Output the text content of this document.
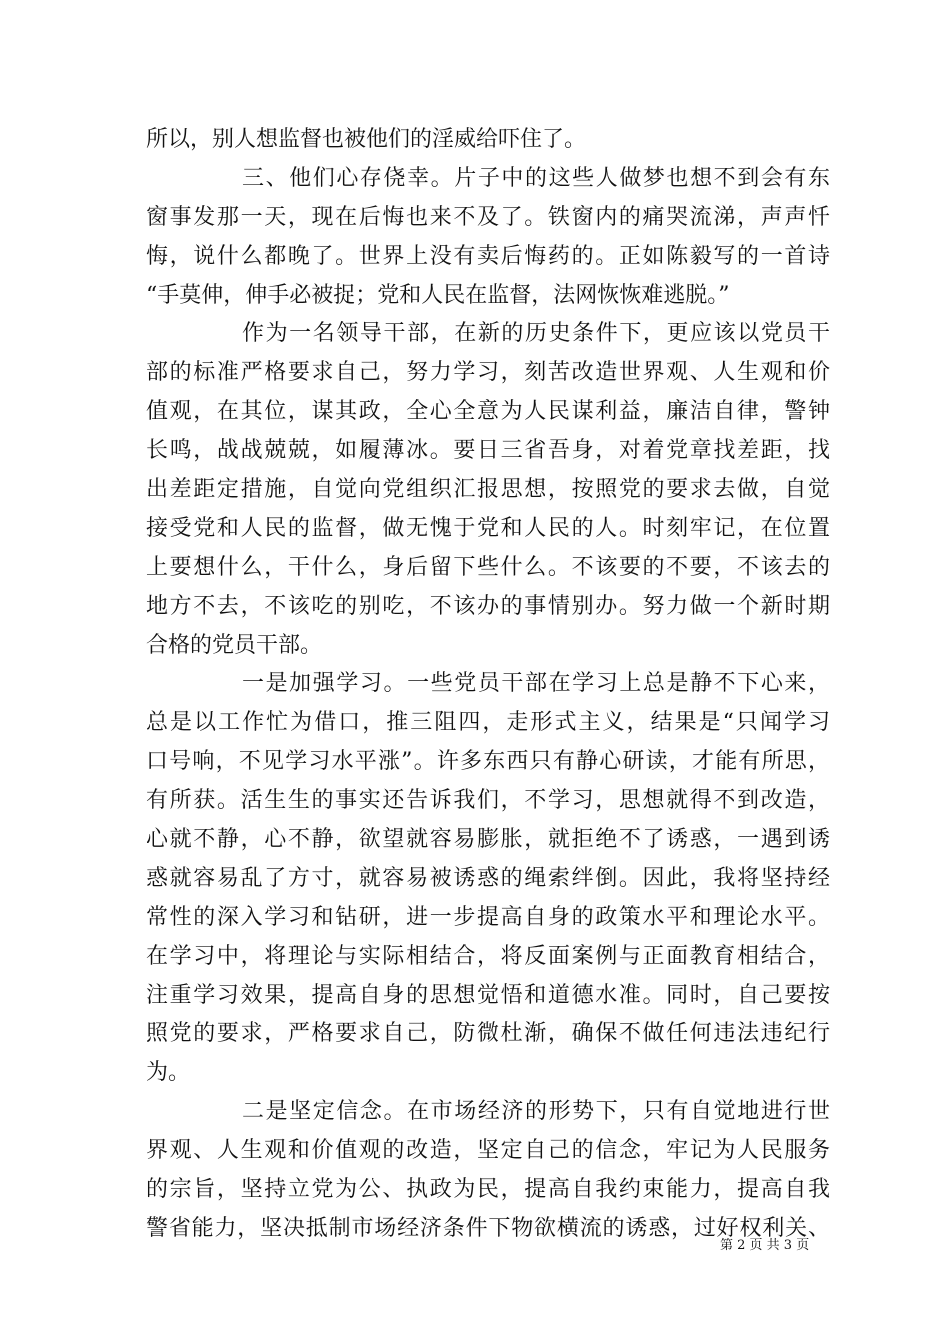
所以，别人想监督也被他们的淫威给吓住了。
三、他们心存侥幸。片子中的这些人做梦也想不到会有东
窗事发那一天，现在后悔也来不及了。铁窗内的痛哭流涕，声声忏
悔，说什么都晚了。世界上没有卖后悔药的。正如陈毅写的一首诗
“手莫伸，伸手必被捉；党和人民在监督，法网恢恢难逃脱。”
作为一名领导干部，在新的历史条件下，更应该以党员干
部的标准严格要求自己，努力学习，刻苦改造世界观、人生观和价
值观，在其位，谋其政，全心全意为人民谋利益，廉洁自律，警钟
长鸣，战战兢兢，如履薄冰。要日三省吾身，对着党章找差距，找
出差距定措施，自觉向党组织汇报思想，按照党的要求去做，自觉
接受党和人民的监督，做无愧于党和人民的人。时刻牢记，在位置
上要想什么，干什么，身后留下些什么。不该要的不要，不该去的
地方不去，不该吃的别吃，不该办的事情别办。努力做一个新时期
合格的党员干部。
一是加强学习。一些党员干部在学习上总是静不下心来，
总是以工作忙为借口，推三阻四，走形式主义，结果是“只闻学习
口号响，不见学习水平涨”。许多东西只有静心研读，才能有所思，
有所获。活生生的事实还告诉我们，不学习，思想就得不到改造，
心就不静，心不静，欲望就容易膨胀，就拒绝不了诱惑，一遇到诱
惑就容易乱了方寸，就容易被诱惑的绳索绊倒。因此，我将坚持经
常性的深入学习和钻研，进一步提高自身的政策水平和理论水平。
在学习中，将理论与实际相结合，将反面案例与正面教育相结合，
注重学习效果，提高自身的思想觉悟和道德水准。同时，自己要按
照党的要求，严格要求自己，防微杜渐，确保不做任何违法违纪行
为。
二是坚定信念。在市场经济的形势下，只有自觉地进行世
界观、人生观和价值观的改造，坚定自己的信念，牢记为人民服务
的宗旨，坚持立党为公、执政为民，提高自我约束能力，提高自我
警省能力，坚决抵制市场经济条件下物欲横流的诱惑，过好权利关、
第 2 页 共 3 页
